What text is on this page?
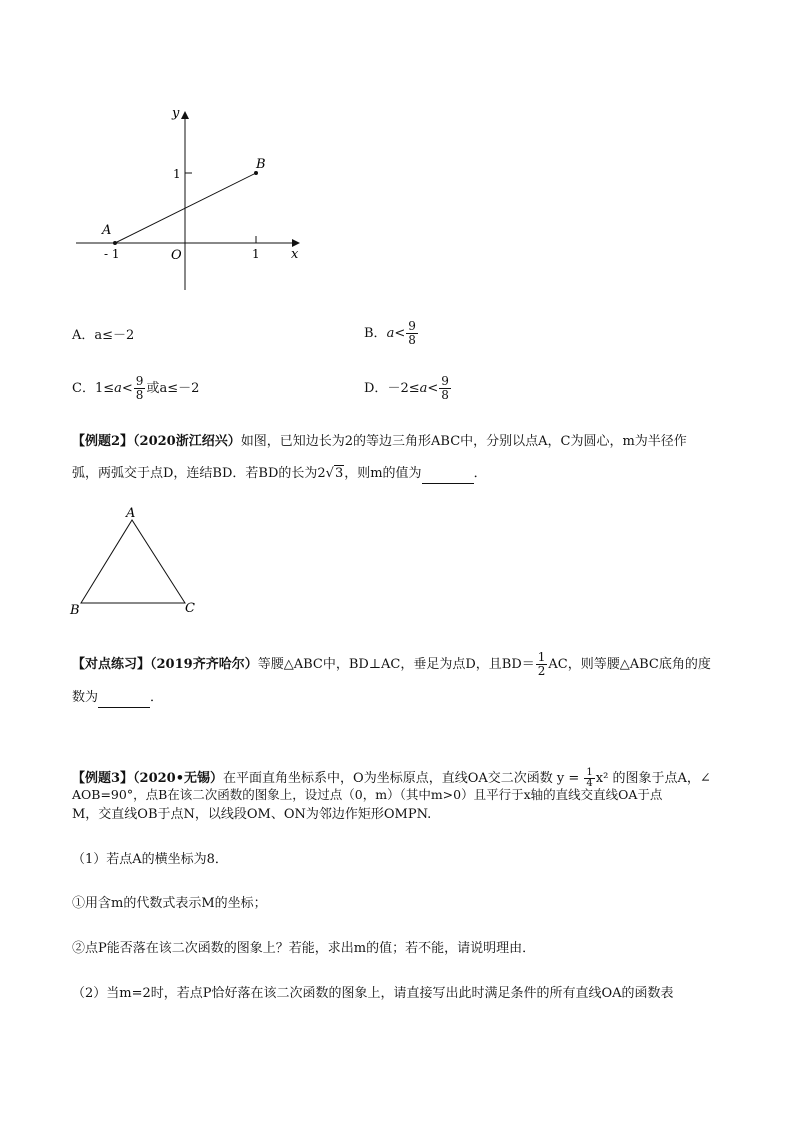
y
x
O
1
- 1	1
A
B
A．a≤－2	B．$a< \frac{9}{8}$
C．$1\le a< \frac{9}{8}$ 或a≤－2	D．$-2\le a< \frac{9}{8}$
【例题2】（2020浙江绍兴）如图，已知边长为2的等边三角形ABC中，分别以点A，C为圆心，m为半径作
弧，两弧交于点D，连结BD．若BD的长为2√3，则m的值为	．
A
B	C
【对点练习】（2019齐齐哈尔）等腰△ABC中，BD⊥AC，垂足为点D，且$BD= \frac{1}{2}$ AC，则等腰△ABC底角的度
数为	．
【例题3】（2020•无锡）在平面直角坐标系中，O为坐标原点，直线OA交二次函数 $y = \frac{1}{4} x^2$ 的图象于点A，∠
AOB=90°，点B在该二次函数的图象上，设过点（0，m）（其中m>0）且平行于x轴的直线交直线OA于点
M，交直线OB于点N，以线段OM、ON为邻边作矩形OMPN.
（1）若点A的横坐标为8．
①用含m的代数式表示M的坐标；
②点P能否落在该二次函数的图象上？若能，求出m的值；若不能，请说明理由．
（2）当m=2时，若点P恰好落在该二次函数的图象上，请直接写出此时满足条件的所有直线OA的函数表
